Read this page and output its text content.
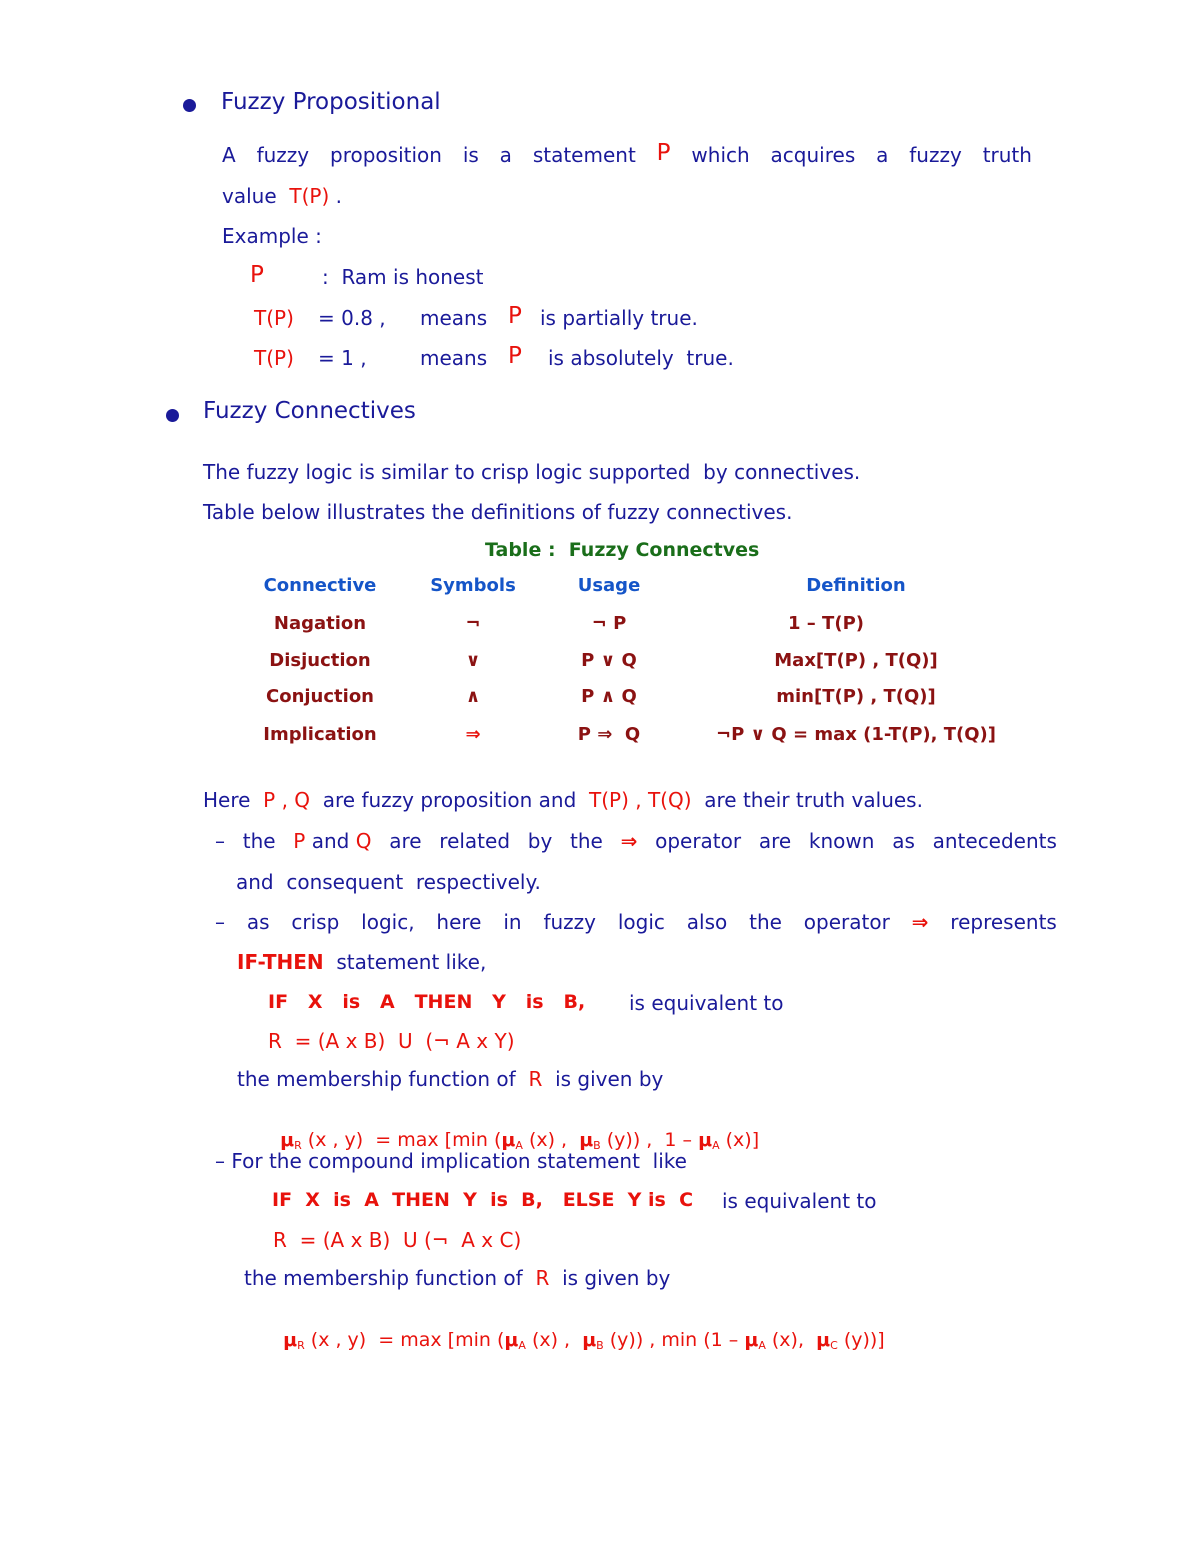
Fuzzy Propositional
A fuzzy proposition is a statement P which acquires a fuzzy truth
value T(P) .
Example :
P	:  Ram is honest
T(P) = 0.8 , means P is partially true.
T(P) = 1 ,	means P is absolutely  true.
Fuzzy Connectives
The fuzzy logic is similar to crisp logic supported  by connectives.
Table below illustrates the definitions of fuzzy connectives.
Table :  Fuzzy Connectves
Connective	Symbols	Usage	Definition
Nagation	¬	¬ P	1 – T(P)
Disjuction	∨	P ∨ Q	Max[T(P) , T(Q)]
Conjuction	∧	P ∧ Q	min[T(P) , T(Q)]
Implication	⇒	P ⇒  Q	¬P ∨ Q = max (1-T(P), T(Q)]
Here P , Q are fuzzy proposition and T(P) , T(Q) are their truth values.
– the P and Q are related by the ⇒ operator are known as antecedents
and  consequent  respectively.
– as crisp logic, here in fuzzy logic also the operator ⇒ represents
IF-THEN statement like,
IF   X   is   A   THEN   Y   is   B, is equivalent to
R  = (A x B)  U  (¬ A x Y)
the membership function of R is given by

$\mu_R$ (x , y)  = max [min ($\mu_A$ (x) ,  $\mu_B$ (y)) ,  $1 - \mu_A$ (x)]

– For the compound implication statement  like
IF  X  is  A  THEN  Y  is  B,   ELSE  Y is  C is equivalent to
R  = (A x B)  U (¬  A x C)
the membership function of R is given by

$\mu_R$ (x , y)  = max [min ($\mu_A$ (x) ,  $\mu_B$ (y)) , $\min (1 - \mu_A$ (x),  $\mu_C$ (y))]
